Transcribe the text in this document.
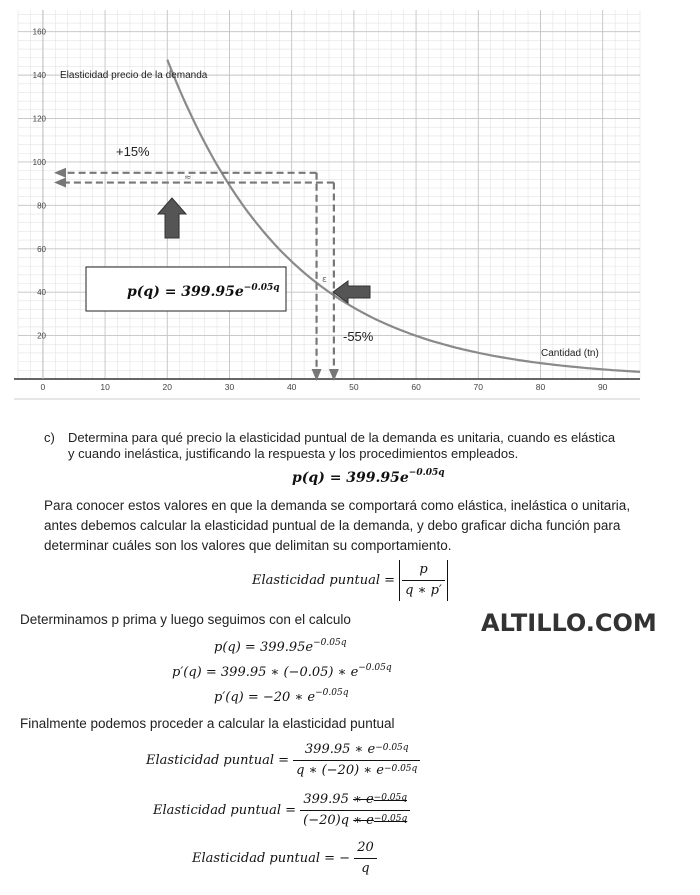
0	10	20	30	40	50	60	70	80	90
20
40
60
80
100
120
140
160
Elasticidad precio de la demanda
Cantidad (tn)
+15%
-55%
≈
ε
$p(q) = 399.95e^{-0.05q}$
c) Determina para qué precio la elasticidad puntual de la demanda es unitaria, cuando es elástica
y cuando inelástica, justificando la respuesta y los procedimientos empleados.
$p(q) = 399.95e^{-0.05q}$
Para conocer estos valores en que la demanda se comportará como elástica, inelástica o unitaria,
antes debemos calcular la elasticidad puntual de la demanda, y debo graficar dicha función para
determinar cuáles son los valores que delimitan su comportamiento.
Elasticidad puntual = $\frac{p}{q ∗ p'}$
Determinamos p prima y luego seguimos con el calculo	ALTILLO.COM
$p(q) = 399.95e^{-0.05q}$
p′(q) = 399.95 ∗ (−0.05) ∗ $e^{-0.05q}$
p′(q) = −20 ∗ $e^{-0.05q}$
Finalmente podemos proceder a calcular la elasticidad puntual
Elasticidad puntual = $\frac{399.95 ∗ e^{-0.05q}}{q ∗ (-20) ∗ e^{-0.05q}}$
Elasticidad puntual = $\frac{399.95 ∗ e^{-0.05q}}{(-20)q ∗ e^{-0.05q}}$
Elasticidad puntual = − $\frac{20}{q}$
